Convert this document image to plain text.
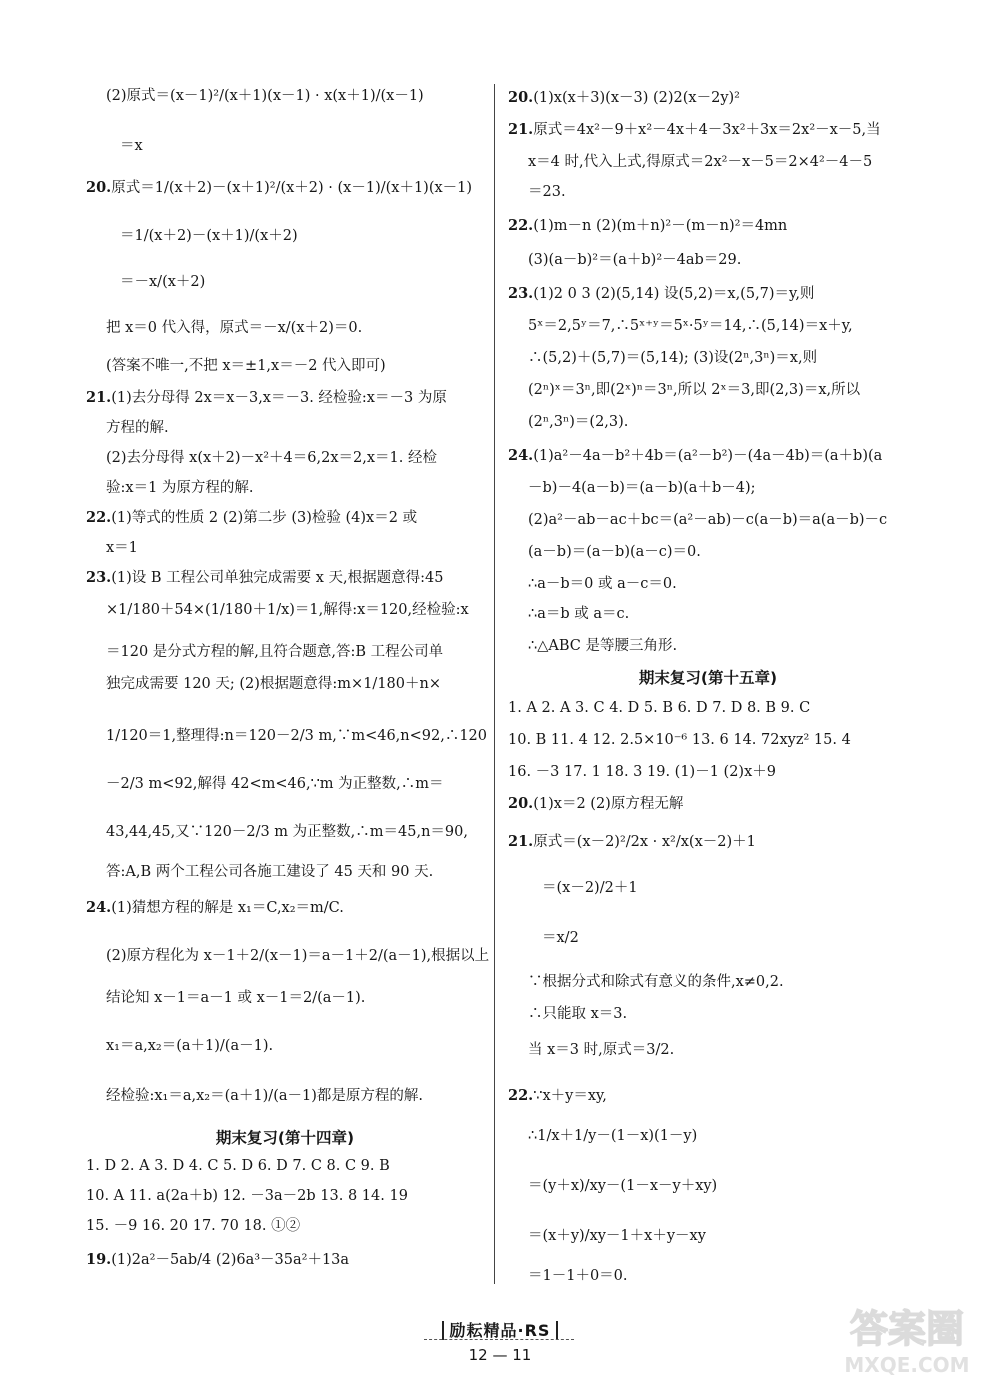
(2)原式＝(x－1)²/(x＋1)(x－1) · x(x＋1)/(x－1)
＝x
20.原式＝1/(x＋2)－(x＋1)²/(x＋2) · (x－1)/(x＋1)(x－1)
＝1/(x＋2)－(x＋1)/(x＋2)
＝－x/(x＋2)
把 x＝0 代入得，原式＝－x/(x＋2)＝0.
(答案不唯一,不把 x＝±1,x＝－2 代入即可)
21.(1)去分母得 2x＝x－3,x＝－3. 经检验:x＝－3 为原
方程的解.
(2)去分母得 x(x＋2)－x²＋4＝6,2x＝2,x＝1. 经检
验:x＝1 为原方程的解.
22.(1)等式的性质 2 (2)第二步 (3)检验 (4)x＝2 或
x＝1
23.(1)设 B 工程公司单独完成需要 x 天,根据题意得:45
×1/180＋54×(1/180＋1/x)＝1,解得:x＝120,经检验:x
＝120 是分式方程的解,且符合题意,答:B 工程公司单
独完成需要 120 天; (2)根据题意得:m×1/180＋n×
1/120＝1,整理得:n＝120－2/3 m,∵m<46,n<92,∴120
－2/3 m<92,解得 42<m<46,∵m 为正整数,∴m＝
43,44,45,又∵120－2/3 m 为正整数,∴m＝45,n＝90,
答:A,B 两个工程公司各施工建设了 45 天和 90 天.
24.(1)猜想方程的解是 x₁＝C,x₂＝m/C.
(2)原方程化为 x－1＋2/(x－1)＝a－1＋2/(a－1),根据以上
结论知 x－1＝a－1 或 x－1＝2/(a－1).
x₁＝a,x₂＝(a＋1)/(a－1).
经检验:x₁＝a,x₂＝(a＋1)/(a－1)都是原方程的解.
期末复习(第十四章)
1. D 2. A 3. D 4. C 5. D 6. D 7. C 8. C 9. B
10. A 11. a(2a＋b) 12. －3a－2b 13. 8 14. 19
15. －9 16. 20 17. 70 18. ①②
19.(1)2a²－5ab/4 (2)6a³－35a²＋13a
20.(1)x(x＋3)(x－3) (2)2(x－2y)²
21.原式＝4x²－9＋x²－4x＋4－3x²＋3x＝2x²－x－5,当
x＝4 时,代入上式,得原式＝2x²－x－5＝2×4²－4－5
＝23.
22.(1)m－n (2)(m＋n)²－(m－n)²＝4mn
(3)(a－b)²＝(a＋b)²－4ab＝29.
23.(1)2 0 3 (2)(5,14) 设(5,2)＝x,(5,7)＝y,则
5ˣ＝2,5ʸ＝7,∴5ˣ⁺ʸ＝5ˣ·5ʸ＝14,∴(5,14)＝x＋y,
∴(5,2)＋(5,7)＝(5,14); (3)设(2ⁿ,3ⁿ)＝x,则
(2ⁿ)ˣ＝3ⁿ,即(2ˣ)ⁿ＝3ⁿ,所以 2ˣ＝3,即(2,3)＝x,所以
(2ⁿ,3ⁿ)＝(2,3).
24.(1)a²－4a－b²＋4b＝(a²－b²)－(4a－4b)＝(a＋b)(a
－b)－4(a－b)＝(a－b)(a＋b－4);
(2)a²－ab－ac＋bc＝(a²－ab)－c(a－b)＝a(a－b)－c
(a－b)＝(a－b)(a－c)＝0.
∴a－b＝0 或 a－c＝0.
∴a＝b 或 a＝c.
∴△ABC 是等腰三角形.
期末复习(第十五章)
1. A 2. A 3. C 4. D 5. B 6. D 7. D 8. B 9. C
10. B 11. 4 12. 2.5×10⁻⁶ 13. 6 14. 72xyz² 15. 4
16. －3 17. 1 18. 3 19. (1)－1 (2)x＋9
20.(1)x＝2 (2)原方程无解
21.原式＝(x－2)²/2x · x²/x(x－2)＋1
＝(x－2)/2＋1
＝x/2
∵根据分式和除式有意义的条件,x≠0,2.
∴只能取 x＝3.
当 x＝3 时,原式＝3/2.
22.∵x＋y＝xy,
∴1/x＋1/y－(1－x)(1－y)
＝(y＋x)/xy－(1－x－y＋xy)
＝(x＋y)/xy－1＋x＋y－xy
＝1－1＋0＝0.
励耘精品·RS
12 — 11
答案圈
MXQE.COM
